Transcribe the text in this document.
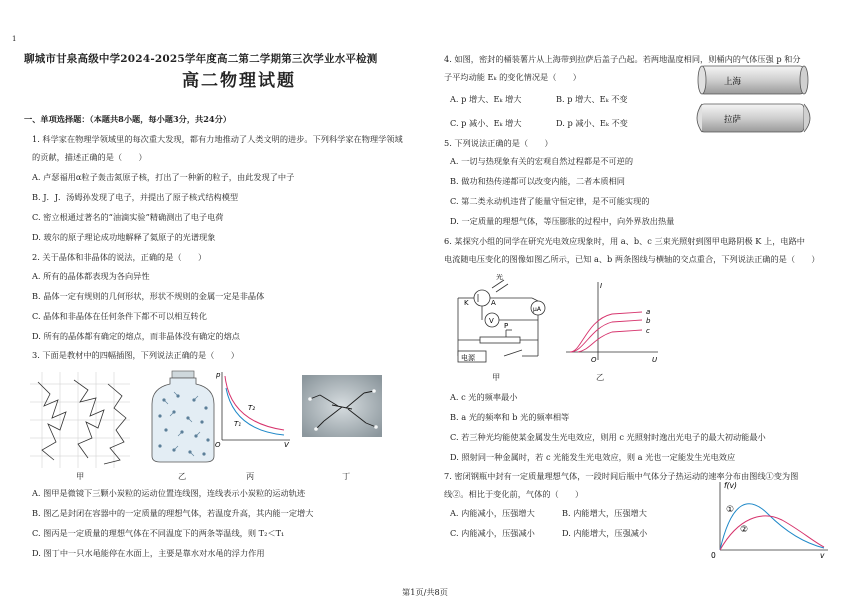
1
聊城市甘泉高级中学2024-2025学年度高二第二学期第三次学业水平检测
高二物理试题
一、单项选择题：（本题共8小题，每小题3分，共24分）
1. 科学家在物理学领域里的每次重大发现，都有力地推动了人类文明的进步。下列科学家在物理学领域
的贡献，描述正确的是（　　）
A. 卢瑟福用α粒子轰击氮原子核，打出了一种新的粒子，由此发现了中子
B. J．J．汤姆孙发现了电子，并提出了原子核式结构模型
C. 密立根通过著名的“油滴实验”精确测出了电子电荷
D. 玻尔的原子理论成功地解释了氦原子的光谱现象
2. 关于晶体和非晶体的说法，正确的是（　　）
A. 所有的晶体都表现为各向异性
B. 晶体一定有规则的几何形状，形状不规则的金属一定是非晶体
C. 晶体和非晶体在任何条件下都不可以相互转化
D. 所有的晶体都有确定的熔点，而非晶体没有确定的熔点
3. 下面是教材中的四幅插图，下列说法正确的是（　　）
p
V
O
T₂
T₁
甲	乙	丙	丁
A. 图甲是微镜下三颗小炭粒的运动位置连线图，连线表示小炭粒的运动轨迹
B. 图乙是封闭在容器中的一定质量的理想气体，若温度升高，其内能一定增大
C. 图丙是一定质量的理想气体在不同温度下的两条等温线，则 T₂＜T₁
D. 图丁中一只水黾能停在水面上，主要是靠水对水黾的浮力作用
4. 如图，密封的桶装薯片从上海带到拉萨后盖子凸起。若两地温度相同，则桶内的气体压强 p 和分
子平均动能 Eₖ 的变化情况是（　　）
A. p 增大、Eₖ 增大	B. p 增大、Eₖ 不变
C. p 减小、Eₖ 增大	D. p 减小、Eₖ 不变
上海
拉萨
5. 下列说法正确的是（　　）
A. 一切与热现象有关的宏观自然过程都是不可逆的
B. 做功和热传递都可以改变内能，二者本质相同
C. 第二类永动机违背了能量守恒定律，是不可能实现的
D. 一定质量的理想气体，等压膨胀的过程中，向外界放出热量
6. 某探究小组的同学在研究光电效应现象时，用 a、b、c 三束光照射到图甲电路阴极 K 上，电路中
电流随电压变化的图像如图乙所示，已知 a、b 两条图线与横轴的交点重合，下列说法正确的是（　　）
光
K	A
μA
V
P
电源
甲
I
U
O
a
b
c
乙
A. c 光的频率最小
B. a 光的频率和 b 光的频率相等
C. 若三种光均能使某金属发生光电效应，则用 c 光照射时逸出光电子的最大初动能最小
D. 照射同一种金属时，若 c 光能发生光电效应，则 a 光也一定能发生光电效应
7. 密闭钢瓶中封有一定质量理想气体，一段时间后瓶中气体分子热运动的速率分布由图线①变为图
线②。相比于变化前，气体的（　　）
A. 内能减小，压强增大	B. 内能增大，压强增大
C. 内能减小，压强减小	D. 内能增大，压强减小
f(v)
v
0
①
②
第1页/共8页
